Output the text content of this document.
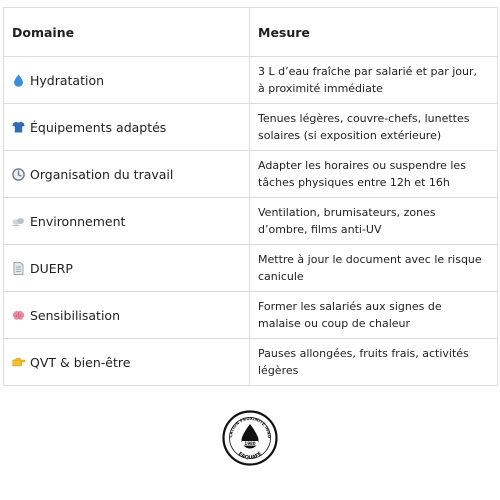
Domaine	Mesure

Hydratation	3 L d’eau fraîche par salarié et par jour, à proximité immédiate

Équipements adaptés	Tenues légères, couvre-chefs, lunettes solaires (si exposition extérieure)

Organisation du travail	Adapter les horaires ou suspendre les tâches physiques entre 12h et 16h

Environnement	Ventilation, brumisateurs, zones d’ombre, films anti-UV

DUERP	Mettre à jour le document avec le risque canicule

Sensibilisation	Former les salariés aux signes de malaise ou coup de chaleur

QVT & bien-être	Pauses allongées, fruits frais, activités légères
CATION PROXIMITÉ INNO
EAQUAFÉ
1980
